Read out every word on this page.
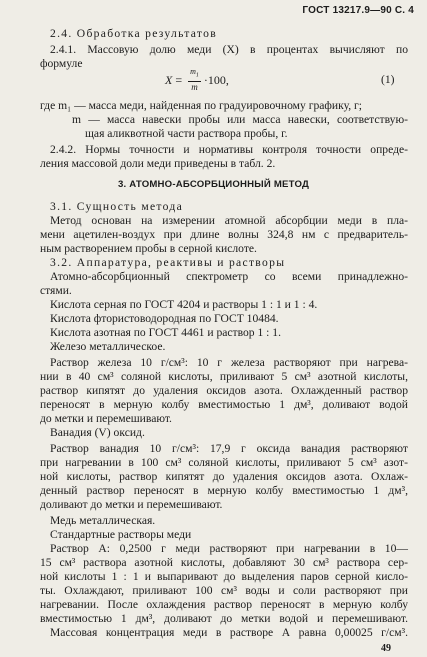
ГОСТ 13217.9—90 С. 4
2.4. Обработка результатов
2.4.1. Массовую долю меди (X) в процентах вычисляют по
формуле
$X = \frac{m_1}{m} \cdot 100$,	(1)
где m₁ — масса меди, найденная по градуировочному графику, г;
m — масса навески пробы или масса навески, соответствую-
щая аликвотной части раствора пробы, г.
2.4.2. Нормы точности и нормативы контроля точности опреде-
ления массовой доли меди приведены в табл. 2.
3. АТОМНО-АБСОРБЦИОННЫЙ МЕТОД
3.1. Сущность метода
Метод основан на измерении атомной абсорбции меди в пла-
мени ацетилен-воздух при длине волны 324,8 нм с предваритель-
ным растворением пробы в серной кислоте.
3.2. Аппаратура, реактивы и растворы
Атомно-абсорбционный спектрометр со всеми принадлежно-
стями.
Кислота серная по ГОСТ 4204 и растворы 1 : 1 и 1 : 4.
Кислота фтористоводородная по ГОСТ 10484.
Кислота азотная по ГОСТ 4461 и раствор 1 : 1.
Железо металлическое.
Раствор железа 10 г/см³: 10 г железа растворяют при нагрева-
нии в 40 см³ соляной кислоты, приливают 5 см³ азотной кислоты,
раствор кипятят до удаления оксидов азота. Охлажденный раствор
переносят в мерную колбу вместимостью 1 дм³, доливают водой
до метки и перемешивают.
Ванадия (V) оксид.
Раствор ванадия 10 г/см³: 17,9 г оксида ванадия растворяют
при нагревании в 100 см³ соляной кислоты, приливают 5 см³ азот-
ной кислоты, раствор кипятят до удаления оксидов азота. Охлаж-
денный раствор переносят в мерную колбу вместимостью 1 дм³,
доливают до метки и перемешивают.
Медь металлическая.
Стандартные растворы меди
Раствор А: 0,2500 г меди растворяют при нагревании в 10—
15 см³ раствора азотной кислоты, добавляют 30 см³ раствора сер-
ной кислоты 1 : 1 и выпаривают до выделения паров серной кисло-
ты. Охлаждают, приливают 100 см³ воды и соли растворяют при
нагревании. После охлаждения раствор переносят в мерную колбу
вместимостью 1 дм³, доливают до метки водой и перемешивают.
Массовая концентрация меди в растворе А равна 0,00025 г/см³.
49
